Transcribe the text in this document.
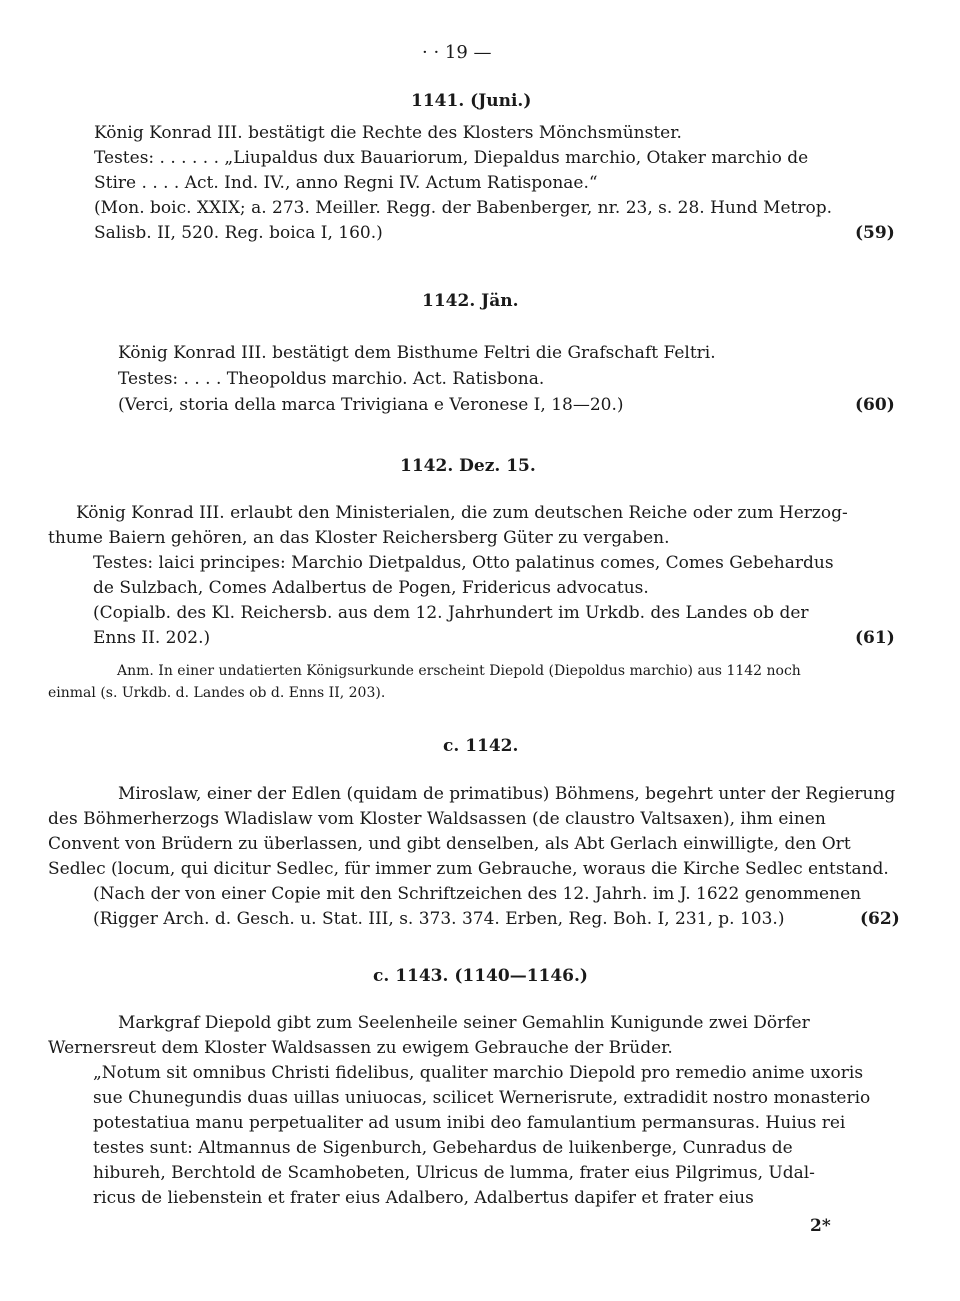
· · 19 —
1141. (Juni.)
König Konrad III. bestätigt die Rechte des Klosters Mönchsmünster.
Testes: . . . . . . „Liupaldus dux Bauariorum, Diepaldus marchio, Otaker marchio de
Stire . . . . Act. Ind. IV., anno Regni IV. Actum Ratisponae.“
(Mon. boic. XXIX; a. 273. Meiller. Regg. der Babenberger, nr. 23, s. 28. Hund Metrop.
Salisb. II, 520. Reg. boica I, 160.)	(59)
1142. Jän.
König Konrad III. bestätigt dem Bisthume Feltri die Grafschaft Feltri.
Testes: . . . . Theopoldus marchio. Act. Ratisbona.
(Verci, storia della marca Trivigiana e Veronese I, 18—20.)	(60)
1142. Dez. 15.
König Konrad III. erlaubt den Ministerialen, die zum deutschen Reiche oder zum Herzog-
thume Baiern gehören, an das Kloster Reichersberg Güter zu vergaben.
Testes: laici principes: Marchio Dietpaldus, Otto palatinus comes, Comes Gebehardus
de Sulzbach, Comes Adalbertus de Pogen, Fridericus advocatus.
(Copialb. des Kl. Reichersb. aus dem 12. Jahrhundert im Urkdb. des Landes ob der
Enns II. 202.)	(61)
Anm. In einer undatierten Königsurkunde erscheint Diepold (Diepoldus marchio) aus 1142 noch
einmal (s. Urkdb. d. Landes ob d. Enns II, 203).
c. 1142.
Miroslaw, einer der Edlen (quidam de primatibus) Böhmens, begehrt unter der Regierung
des Böhmerherzogs Wladislaw vom Kloster Waldsassen (de claustro Valtsaxen), ihm einen
Convent von Brüdern zu überlassen, und gibt denselben, als Abt Gerlach einwilligte, den Ort
Sedlec (locum, qui dicitur Sedlec, für immer zum Gebrauche, woraus die Kirche Sedlec entstand.
(Nach der von einer Copie mit den Schriftzeichen des 12. Jahrh. im J. 1622 genommenen
(Rigger Arch. d. Gesch. u. Stat. III, s. 373. 374. Erben, Reg. Boh. I, 231, p. 103.)	(62)
c. 1143. (1140—1146.)
Markgraf Diepold gibt zum Seelenheile seiner Gemahlin Kunigunde zwei Dörfer
Wernersreut dem Kloster Waldsassen zu ewigem Gebrauche der Brüder.
„Notum sit omnibus Christi fidelibus, qualiter marchio Diepold pro remedio anime uxoris
sue Chunegundis duas uillas uniuocas, scilicet Wernerisrute, extradidit nostro monasterio
potestatiua manu perpetualiter ad usum inibi deo famulantium permansuras. Huius rei
testes sunt: Altmannus de Sigenburch, Gebehardus de luikenberge, Cunradus de
hibureh, Berchtold de Scamhobeten, Ulricus de lumma, frater eius Pilgrimus, Udal-
ricus de liebenstein et frater eius Adalbero, Adalbertus dapifer et frater eius
2*
